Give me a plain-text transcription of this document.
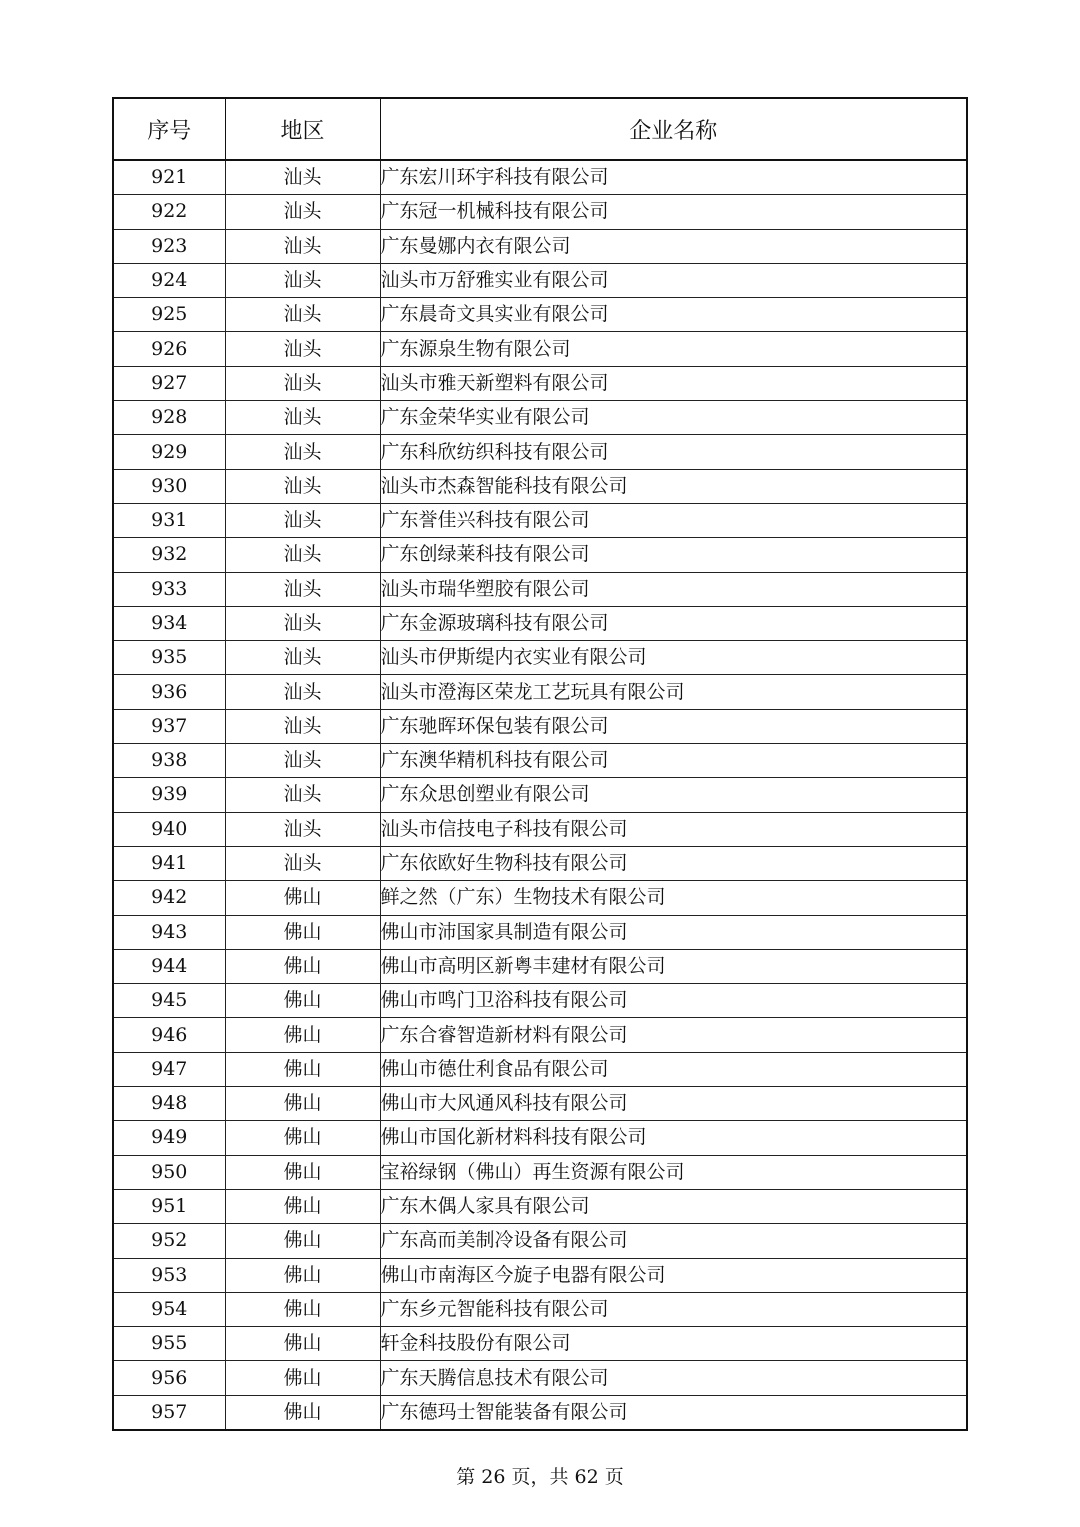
序号	地区	企业名称
921	汕头	广东宏川环宇科技有限公司
922	汕头	广东冠一机械科技有限公司
923	汕头	广东曼娜内衣有限公司
924	汕头	汕头市万舒雅实业有限公司
925	汕头	广东晨奇文具实业有限公司
926	汕头	广东源泉生物有限公司
927	汕头	汕头市雅天新塑料有限公司
928	汕头	广东金荣华实业有限公司
929	汕头	广东科欣纺织科技有限公司
930	汕头	汕头市杰森智能科技有限公司
931	汕头	广东誉佳兴科技有限公司
932	汕头	广东创绿莱科技有限公司
933	汕头	汕头市瑞华塑胶有限公司
934	汕头	广东金源玻璃科技有限公司
935	汕头	汕头市伊斯缇内衣实业有限公司
936	汕头	汕头市澄海区荣龙工艺玩具有限公司
937	汕头	广东驰晖环保包装有限公司
938	汕头	广东澳华精机科技有限公司
939	汕头	广东众思创塑业有限公司
940	汕头	汕头市信技电子科技有限公司
941	汕头	广东依欧好生物科技有限公司
942	佛山	鲜之然（广东）生物技术有限公司
943	佛山	佛山市沛国家具制造有限公司
944	佛山	佛山市高明区新粤丰建材有限公司
945	佛山	佛山市鸣门卫浴科技有限公司
946	佛山	广东合睿智造新材料有限公司
947	佛山	佛山市德仕利食品有限公司
948	佛山	佛山市大风通风科技有限公司
949	佛山	佛山市国化新材料科技有限公司
950	佛山	宝裕绿钢（佛山）再生资源有限公司
951	佛山	广东木偶人家具有限公司
952	佛山	广东高而美制冷设备有限公司
953	佛山	佛山市南海区今旋子电器有限公司
954	佛山	广东乡元智能科技有限公司
955	佛山	轩金科技股份有限公司
956	佛山	广东天腾信息技术有限公司
957	佛山	广东德玛士智能装备有限公司
第 26 页，共 62 页
